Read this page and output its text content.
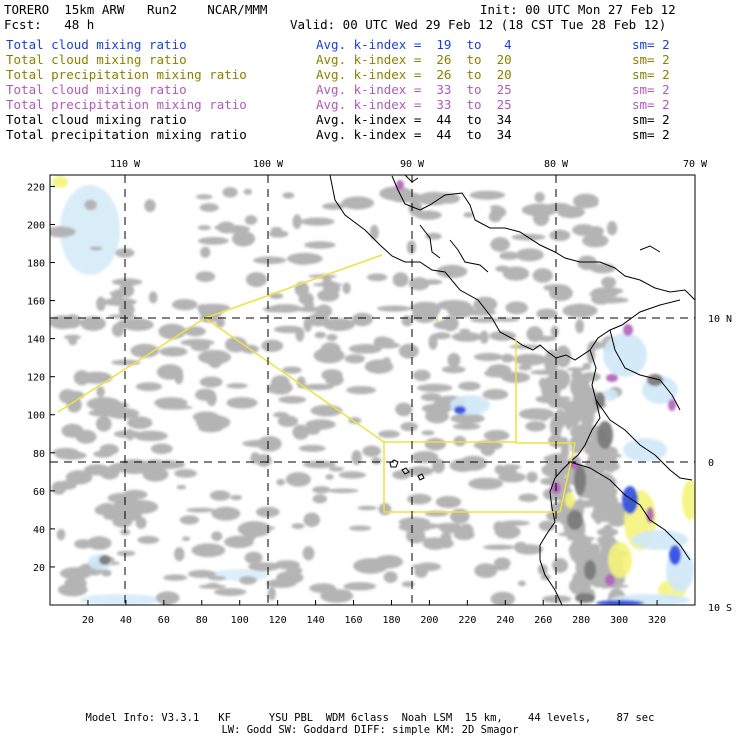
TORERO  15km ARW   Run2    NCAR/MMM	Init: 00 UTC Mon 27 Feb 12
Fcst:   48 h	Valid: 00 UTC Wed 29 Feb 12 (18 CST Tue 28 Feb 12)
Total cloud mixing ratio	Avg. k-index =  19  to   4	sm= 2
Total cloud mixing ratio	Avg. k-index =  26  to  20	sm= 2
Total precipitation mixing ratio	Avg. k-index =  26  to  20	sm= 2
Total cloud mixing ratio	Avg. k-index =  33  to  25	sm= 2
Total precipitation mixing ratio	Avg. k-index =  33  to  25	sm= 2
Total cloud mixing ratio	Avg. k-index =  44  to  34	sm= 2
Total precipitation mixing ratio	Avg. k-index =  44  to  34	sm= 2
110 W	100 W	90 W	80 W	70 W
10 N
0
10 S
20	40	60	80 100 120 140 160 180 200 220 240 260 280 300 320
220
200
180
160
140
120
100
80
60
40
20
Model Info: V3.3.1   KF      YSU PBL  WDM 6class  Noah LSM  15 km,    44 levels,    87 sec
LW: Godd SW: Goddard DIFF: simple KM: 2D Smagor
